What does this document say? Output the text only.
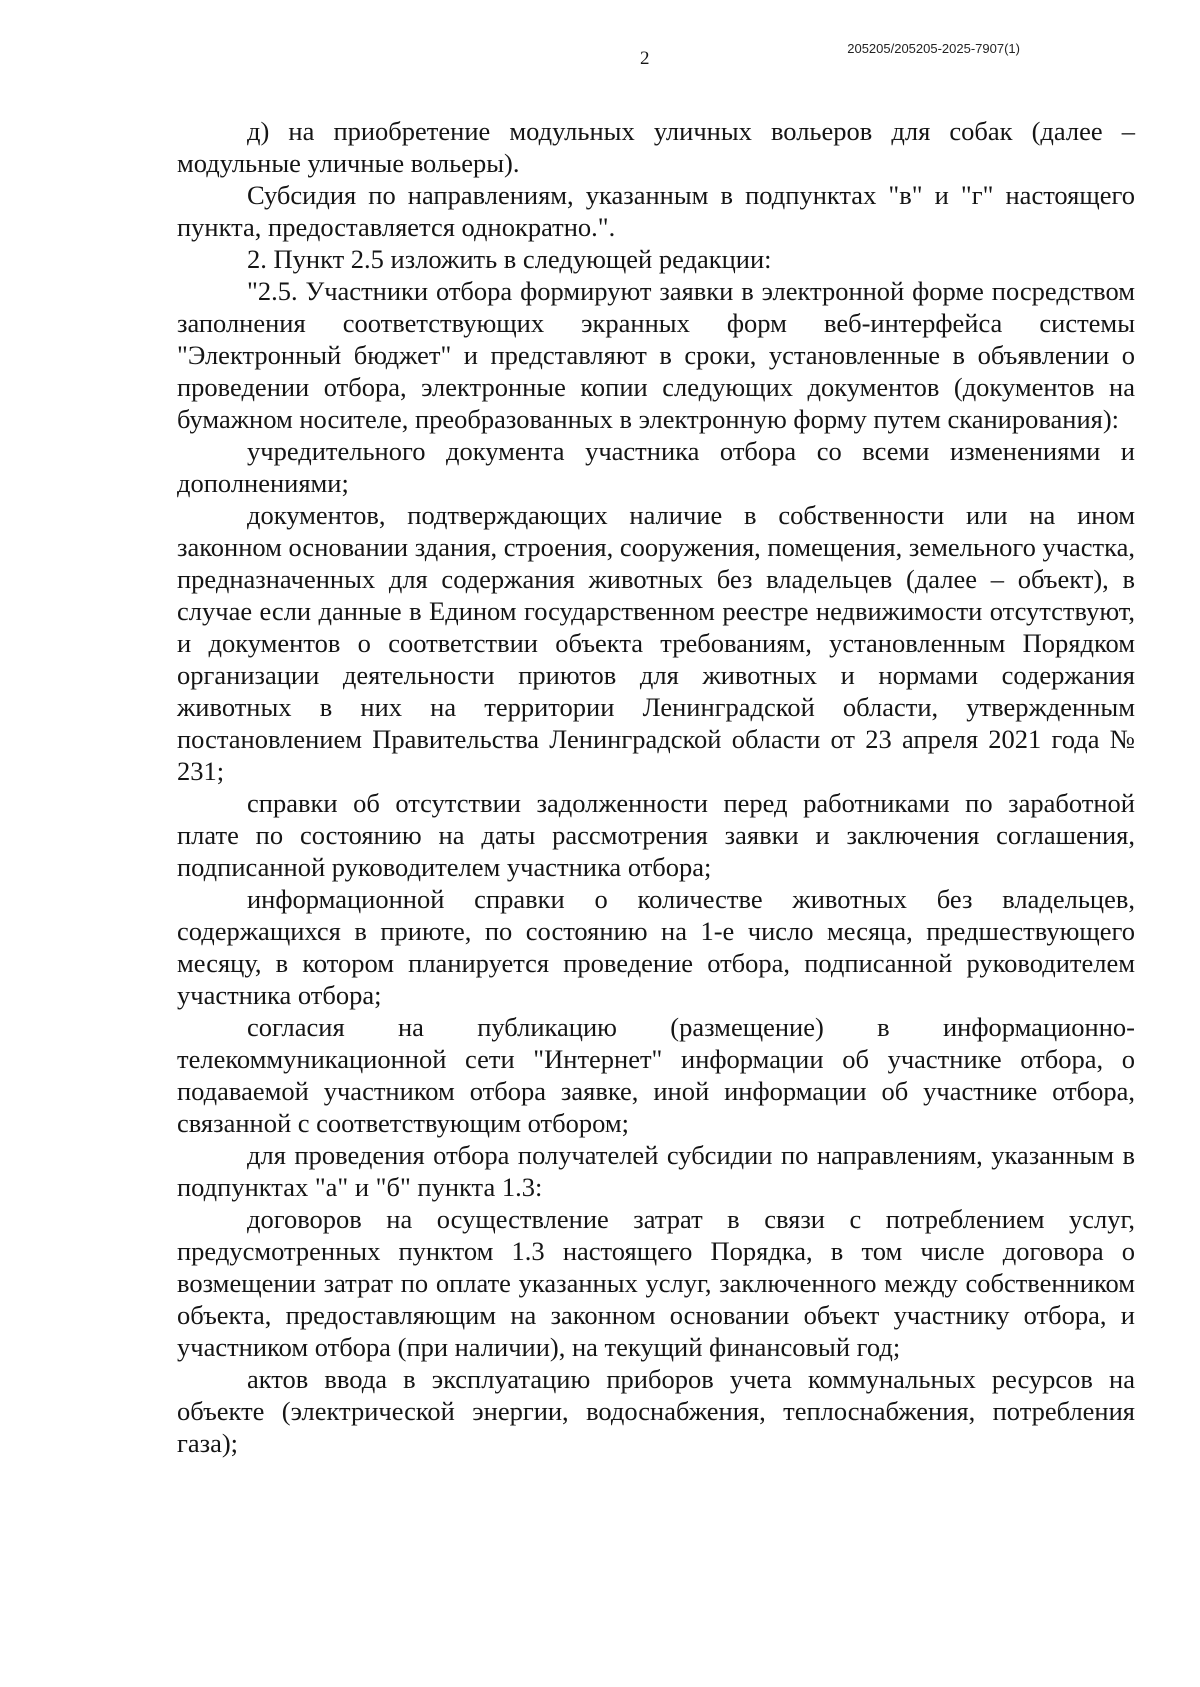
2	205205/205205-2025-7907(1)

д) на приобретение модульных уличных вольеров для собак (далее – модульные уличные вольеры).

Субсидия по направлениям, указанным в подпунктах "в" и "г" настоящего пункта, предоставляется однократно.".

2. Пункт 2.5 изложить в следующей редакции:

"2.5. Участники отбора формируют заявки в электронной форме посредством заполнения соответствующих экранных форм веб-интерфейса системы "Электронный бюджет" и представляют в сроки, установленные в объявлении о проведении отбора, электронные копии следующих документов (документов на бумажном носителе, преобразованных в электронную форму путем сканирования):

учредительного документа участника отбора со всеми изменениями и дополнениями;

документов, подтверждающих наличие в собственности или на ином законном основании здания, строения, сооружения, помещения, земельного участка, предназначенных для содержания животных без владельцев (далее – объект), в случае если данные в Едином государственном реестре недвижимости отсутствуют, и документов о соответствии объекта требованиям, установленным Порядком организации деятельности приютов для животных и нормами содержания животных в них на территории Ленинградской области, утвержденным постановлением Правительства Ленинградской области от 23 апреля 2021 года № 231;

справки об отсутствии задолженности перед работниками по заработной плате по состоянию на даты рассмотрения заявки и заключения соглашения, подписанной руководителем участника отбора;

информационной справки о количестве животных без владельцев, содержащихся в приюте, по состоянию на 1-е число месяца, предшествующего месяцу, в котором планируется проведение отбора, подписанной руководителем участника отбора;

согласия на публикацию (размещение) в информационно-телекоммуникационной сети "Интернет" информации об участнике отбора, о подаваемой участником отбора заявке, иной информации об участнике отбора, связанной с соответствующим отбором;

для проведения отбора получателей субсидии по направлениям, указанным в подпунктах "а" и "б" пункта 1.3:

договоров на осуществление затрат в связи с потреблением услуг, предусмотренных пунктом 1.3 настоящего Порядка, в том числе договора о возмещении затрат по оплате указанных услуг, заключенного между собственником объекта, предоставляющим на законном основании объект участнику отбора, и участником отбора (при наличии), на текущий финансовый год;

актов ввода в эксплуатацию приборов учета коммунальных ресурсов на объекте (электрической энергии, водоснабжения, теплоснабжения, потребления газа);
